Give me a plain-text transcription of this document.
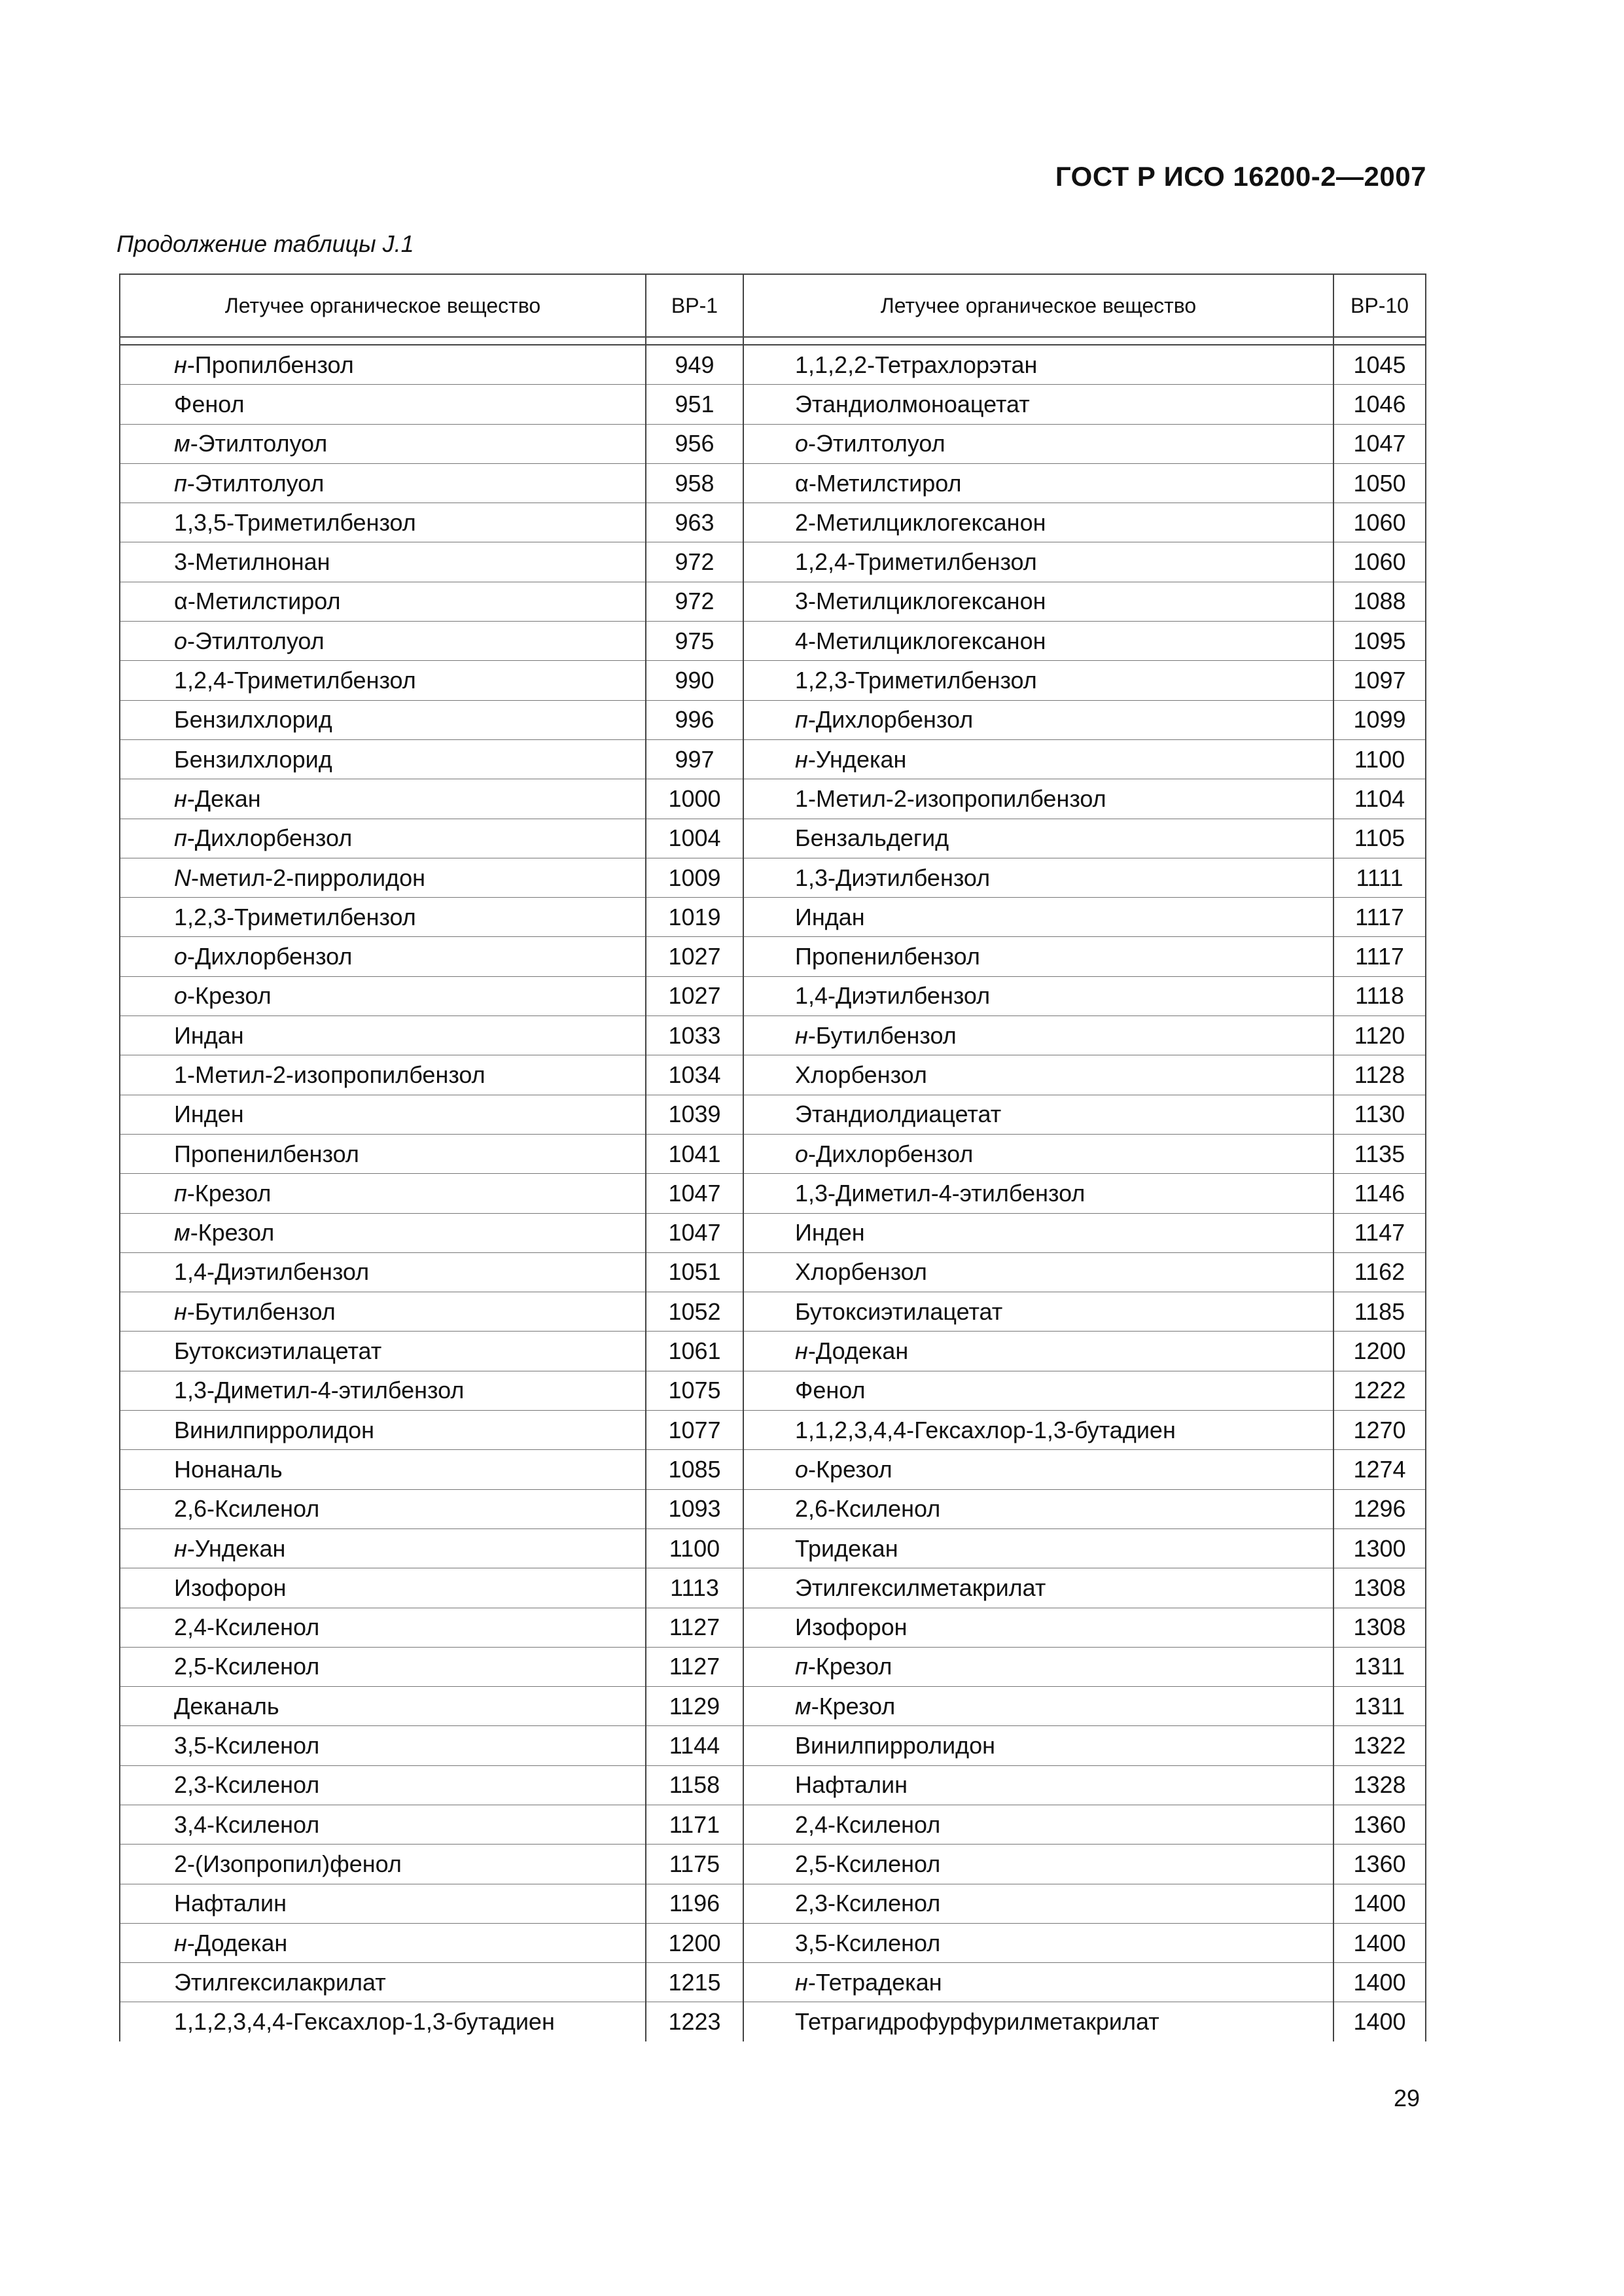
ГОСТ Р ИСО 16200-2—2007
Продолжение таблицы J.1
Летучее органическое вещество	BP-1	Летучее органическое вещество	BP-10

н-Пропилбензол	949	1,1,2,2-Тетрахлорэтан	1045
Фенол	951	Этандиолмоноацетат	1046
м-Этилтолуол	956	о-Этилтолуол	1047
п-Этилтолуол	958	α-Метилстирол	1050
1,3,5-Триметилбензол	963	2-Метилциклогексанон	1060
3-Метилнонан	972	1,2,4-Триметилбензол	1060
α-Метилстирол	972	3-Метилциклогексанон	1088
о-Этилтолуол	975	4-Метилциклогексанон	1095
1,2,4-Триметилбензол	990	1,2,3-Триметилбензол	1097
Бензилхлорид	996	п-Дихлорбензол	1099
Бензилхлорид	997	н-Ундекан	1100
н-Декан	1000	1-Метил-2-изопропилбензол	1104
п-Дихлорбензол	1004	Бензальдегид	1105
N-метил-2-пирролидон	1009	1,3-Диэтилбензол	1111
1,2,3-Триметилбензол	1019	Индан	1117
о-Дихлорбензол	1027	Пропенилбензол	1117
о-Крезол	1027	1,4-Диэтилбензол	1118
Индан	1033	н-Бутилбензол	1120
1-Метил-2-изопропилбензол	1034	Хлорбензол	1128
Инден	1039	Этандиолдиацетат	1130
Пропенилбензол	1041	о-Дихлорбензол	1135
п-Крезол	1047	1,3-Диметил-4-этилбензол	1146
м-Крезол	1047	Инден	1147
1,4-Диэтилбензол	1051	Хлорбензол	1162
н-Бутилбензол	1052	Бутоксиэтилацетат	1185
Бутоксиэтилацетат	1061	н-Додекан	1200
1,3-Диметил-4-этилбензол	1075	Фенол	1222
Винилпирролидон	1077	1,1,2,3,4,4-Гексахлор-1,3-бутадиен	1270
Нонаналь	1085	о-Крезол	1274
2,6-Ксиленол	1093	2,6-Ксиленол	1296
н-Ундекан	1100	Тридекан	1300
Изофорон	1113	Этилгексилметакрилат	1308
2,4-Ксиленол	1127	Изофорон	1308
2,5-Ксиленол	1127	п-Крезол	1311
Деканаль	1129	м-Крезол	1311
3,5-Ксиленол	1144	Винилпирролидон	1322
2,3-Ксиленол	1158	Нафталин	1328
3,4-Ксиленол	1171	2,4-Ксиленол	1360
2-(Изопропил)фенол	1175	2,5-Ксиленол	1360
Нафталин	1196	2,3-Ксиленол	1400
н-Додекан	1200	3,5-Ксиленол	1400
Этилгексилакрилат	1215	н-Тетрадекан	1400
1,1,2,3,4,4-Гексахлор-1,3-бутадиен	1223	Тетрагидрофурфурилметакрилат	1400
29
